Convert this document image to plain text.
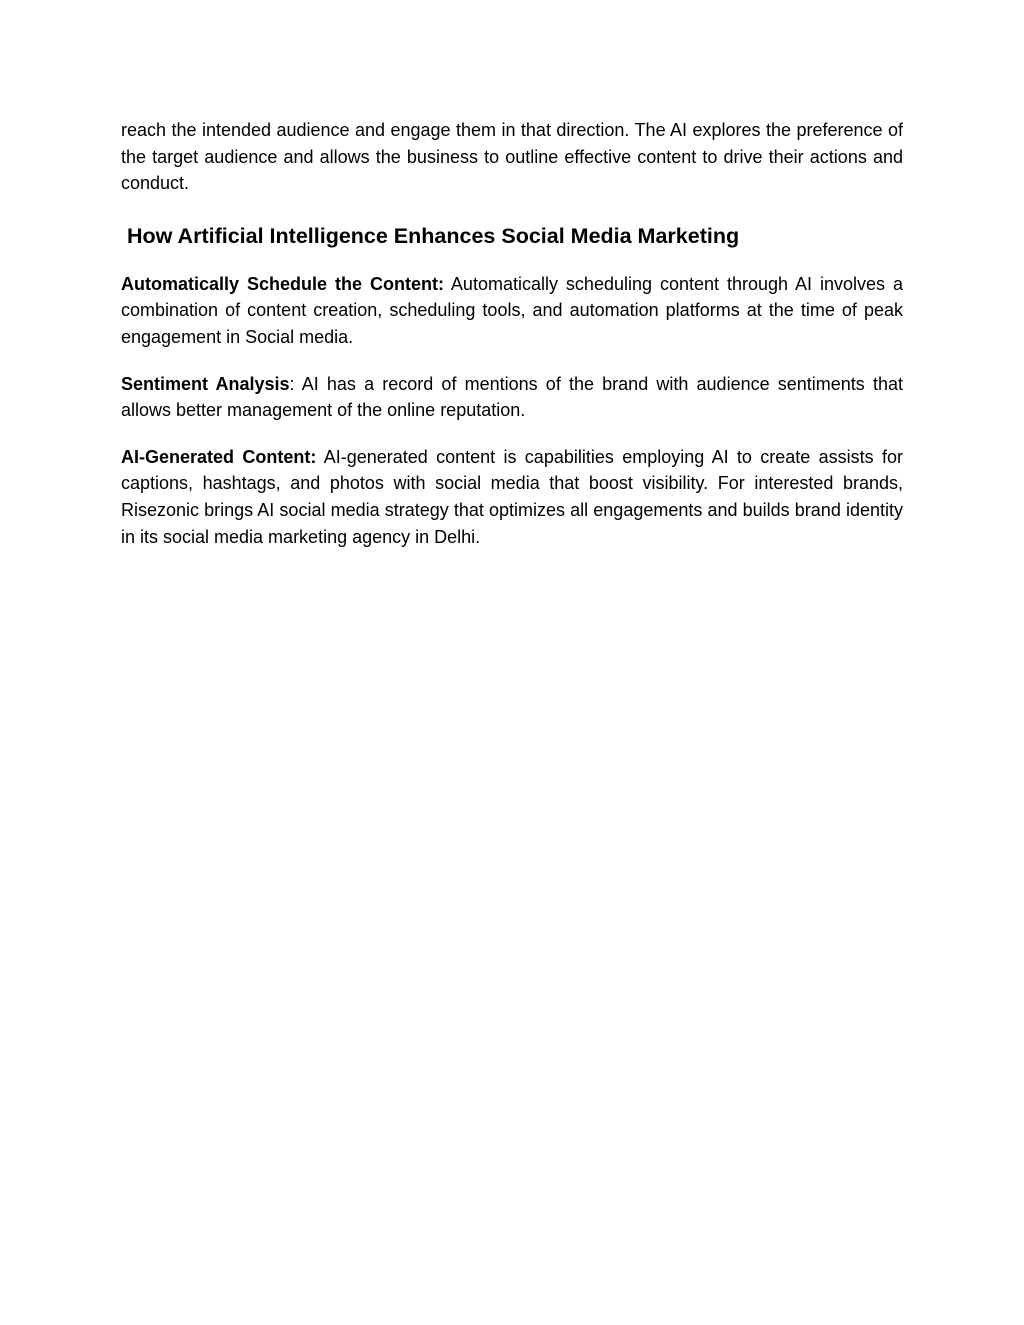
reach the intended audience and engage them in that direction. The AI explores the preference of the target audience and allows the business to outline effective content to drive their actions and conduct.

How Artificial Intelligence Enhances Social Media Marketing

Automatically Schedule the Content: Automatically scheduling content through AI involves a combination of content creation, scheduling tools, and automation platforms at the time of peak engagement in Social media.

Sentiment Analysis: AI has a record of mentions of the brand with audience sentiments that allows better management of the online reputation.

AI-Generated Content: AI-generated content is capabilities employing AI to create assists for captions, hashtags, and photos with social media that boost visibility. For interested brands, Risezonic brings AI social media strategy that optimizes all engagements and builds brand identity in its social media marketing agency in Delhi.
